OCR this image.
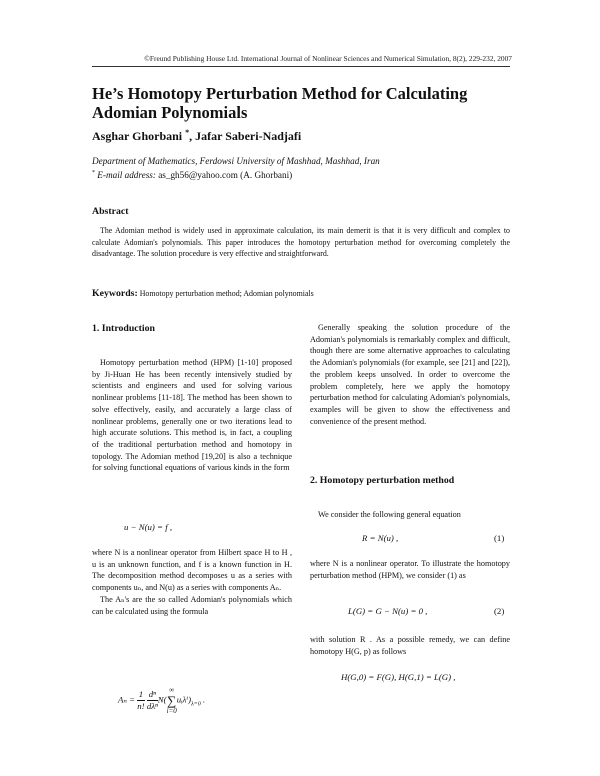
©Freund Publishing House Ltd. International Journal of Nonlinear Sciences and Numerical Simulation, 8(2), 229-232, 2007
He’s Homotopy Perturbation Method for Calculating Adomian Polynomials
Asghar Ghorbani *, Jafar Saberi-Nadjafi
Department of Mathematics, Ferdowsi University of Mashhad, Mashhad, Iran
* E-mail address: as_gh56@yahoo.com (A. Ghorbani)
Abstract
The Adomian method is widely used in approximate calculation, its main demerit is that it is very difficult and complex to calculate Adomian's polynomials. This paper introduces the homotopy perturbation method for overcoming completely the disadvantage. The solution procedure is very effective and straightforward.
Keywords: Homotopy perturbation method; Adomian polynomials
1. Introduction

Homotopy perturbation method (HPM) [1-10] proposed by Ji-Huan He has been recently intensively studied by scientists and engineers and used for solving various nonlinear problems [11-18]. The method has been shown to solve effectively, easily, and accurately a large class of nonlinear problems, generally one or two iterations lead to high accurate solutions. This method is, in fact, a coupling of the traditional perturbation method and homotopy in topology. The Adomian method [19,20] is also a technique for solving functional equations of various kinds in the form

u − N(u) = f ,

where N is a nonlinear operator from Hilbert space H to H , u is an unknown function, and f is a known function in H. The decomposition method decomposes u as a series with components uₙ, and N(u) as a series with components Aₙ.

The Aₙ's are the so called Adomian's polynomials which can be calculated using the formula

$A_n = \frac{1}{n!}$
$\frac{\text{dⁿ}}{\text{dλⁿ}} N$(
∞
∑
i=0
$uᵢ\lambda^i)_{\lambda=0}$ .

Generally speaking the solution procedure of the Adomian's polynomials is remarkably complex and difficult, though there are some alternative approaches to calculating the Adomian's polynomials (for example, see [21] and [22]), the problem keeps unsolved. In order to overcome the problem completely, here we apply the homotopy perturbation method for calculating Adomian's polynomials, examples will be given to show the effectiveness and convenience of the present method.

2. Homotopy perturbation method

We consider the following general equation

R = N(u) ,	(1)

where N is a nonlinear operator. To illustrate the homotopy perturbation method (HPM), we consider (1) as

L(G) = G − N(u) = 0 ,	(2)

with solution R . As a possible remedy, we can define homotopy H(G, p) as follows

H(G,0) = F(G), H(G,1) = L(G) ,
